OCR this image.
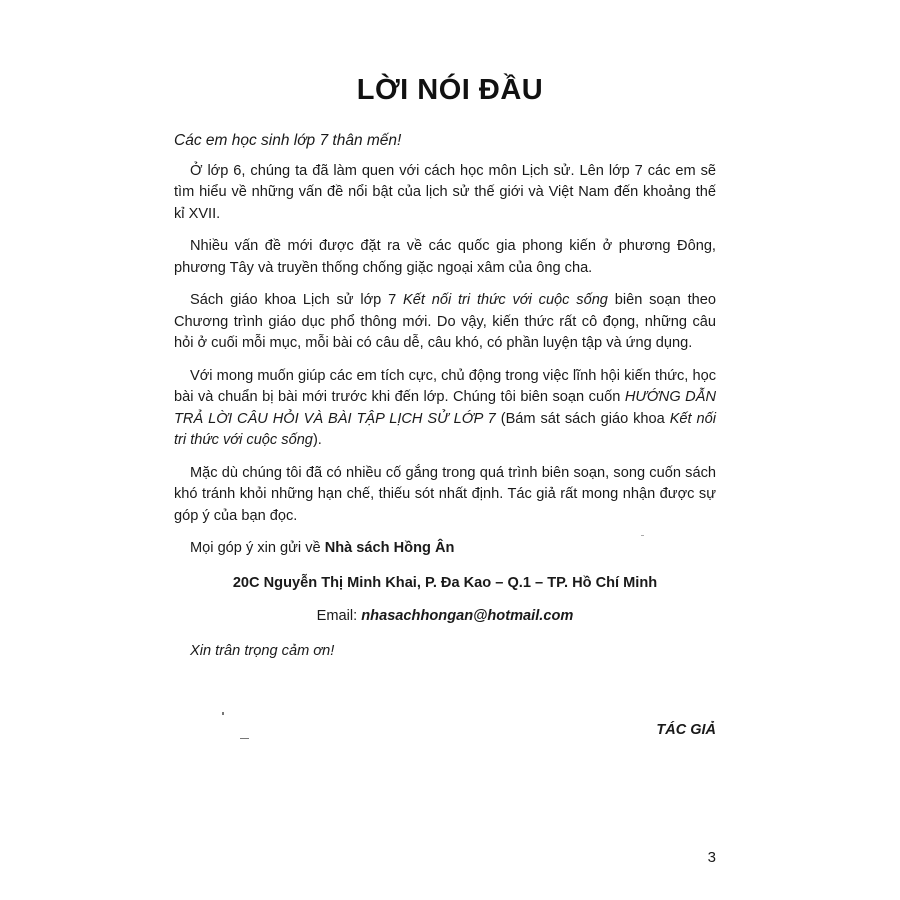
LỜI NÓI ĐẦU

Các em học sinh lớp 7 thân mến!

Ở lớp 6, chúng ta đã làm quen với cách học môn Lịch sử. Lên lớp 7 các em sẽ tìm hiểu về những vấn đề nổi bật của lịch sử thế giới và Việt Nam đến khoảng thế kỉ XVII.

Nhiều vấn đề mới được đặt ra về các quốc gia phong kiến ở phương Đông, phương Tây và truyền thống chống giặc ngoại xâm của ông cha.

Sách giáo khoa Lịch sử lớp 7 Kết nối tri thức với cuộc sống biên soạn theo Chương trình giáo dục phổ thông mới. Do vậy, kiến thức rất cô đọng, những câu hỏi ở cuối mỗi mục, mỗi bài có câu dễ, câu khó, có phần luyện tập và ứng dụng.

Với mong muốn giúp các em tích cực, chủ động trong việc lĩnh hội kiến thức, học bài và chuẩn bị bài mới trước khi đến lớp. Chúng tôi biên soạn cuốn HƯỚNG DẪN TRẢ LỜI CÂU HỎI VÀ BÀI TẬP LỊCH SỬ LỚP 7 (Bám sát sách giáo khoa Kết nối tri thức với cuộc sống).

Mặc dù chúng tôi đã có nhiều cố gắng trong quá trình biên soạn, song cuốn sách khó tránh khỏi những hạn chế, thiếu sót nhất định. Tác giả rất mong nhận được sự góp ý của bạn đọc.

Mọi góp ý xin gửi về Nhà sách Hồng Ân

20C Nguyễn Thị Minh Khai, P. Đa Kao – Q.1 – TP. Hồ Chí Minh

Email: nhasachhongan@hotmail.com

Xin trân trọng cảm ơn!

TÁC GIẢ
3
